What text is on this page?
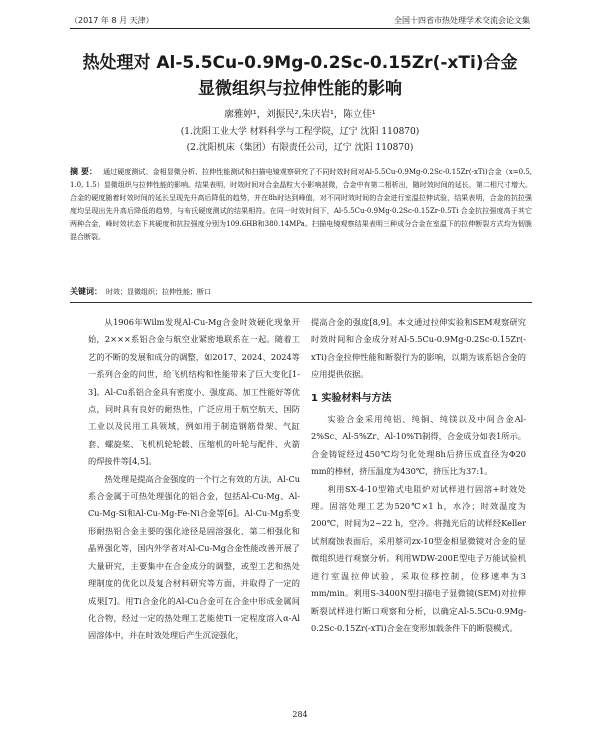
（2017 年 8 月 天津）	全国十四省市热处理学术交流会论文集
热处理对 Al-5.5Cu-0.9Mg-0.2Sc-0.15Zr(-xTi)合金
显微组织与拉伸性能的影响
廓雅婷¹，刘振民²,朱庆岩¹，陈立佳¹
(1.沈阳工业大学 材料科学与工程学院，辽宁 沈阳 110870)
(2.沈阳机床（集团）有限责任公司，辽宁 沈阳 110870)
摘 要： 通过硬度测试、金相显微分析、拉伸性能测试和扫描电镜观察研究了不同时效时间对Al-5.5Cu-0.9Mg-0.2Sc-0.15Zr(-xTi)合金（x=0.5, 1.0, 1.5）显微组织与拉伸性能的影响。结果表明，时效时间对合金晶粒大小影响甚微，合金中有第二相析出，随时效时间的延长，第二相尺寸增大。合金的硬度随着时效时间的延长呈现先升高后降低的趋势，并在8h时达到峰值，对不同时效时间的合金进行室温拉伸试验，结果表明，合金的抗拉强度均呈现出先升高后降低的趋势，与布氏硬度测试的结果相符。在同一时效时间下，Al-5.5Cu-0.9Mg-0.2Sc-0.15Zr-0.5Ti 合金抗拉强度高于其它两种合金，峰时效状态下其硬度和抗拉强度分别为109.6HB和380.14MPa。扫描电镜观察结果表明三种成分合金在室温下的拉伸断裂方式均为韧脆混合断裂。
关键词： 时效；显微组织；拉伸性能；断口

从1906年Wilm发现Al-Cu-Mg合金时效硬化现象开始，2×××系铝合金与航空业紧密地联系在一起。随着工艺的不断的发展和成分的调整，如2017、2024、2024等一系列合金的问世，给飞机结构和性能带来了巨大变化[1-3]。Al-Cu系铝合金具有密度小、强度高、加工性能好等优点，同时具有良好的耐热性，广泛应用于航空航天、国防工业以及民用工具领域，例如用于制造钢筋骨架、气缸套、螺旋桨、飞机机轮轮毂、压缩机的叶轮与配件、火箭的焊接件等[4,5]。

热处理是提高合金强度的一个行之有效的方法，Al-Cu系合金属于可热处理强化的铝合金，包括Al-Cu-Mg、Al-Cu-Mg-Si和Al-Cu-Mg-Fe-Ni合金等[6]。Al-Cu-Mg系变形耐热铝合金主要的强化途径是固溶强化、第二相强化和晶界强化等，国内外学者对Al-Cu-Mg合金性能改善开展了大量研究，主要集中在合金成分的调整，或型工艺和热处理制度的优化以及复合材料研究等方面，并取得了一定的成果[7]。用Ti合金化的Al-Cu合金可在合金中形成金属间化合物，经过一定的热处理工艺能使Ti一定程度溶入α-Al固溶体中，并在时效处理后产生沉淀强化，

提高合金的强度[8,9]。本文通过拉伸实验和SEM观察研究时效时间和合金成分对Al-5.5Cu-0.9Mg-0.2Sc-0.15Zr(-xTi)合金拉伸性能和断裂行为的影响，以期为该系铝合金的应用提供依据。

1 实验材料与方法

实验合金采用纯铝、纯铜、纯镁以及中间合金Al-2%Sc、Al-5%Zr、Al-10%Ti制得，合金成分如表1所示。合金铸锭经过450℃均匀化处理8h后挤压成直径为Φ20 mm的棒材，挤压温度为430℃，挤压比为37:1。

利用SX-4-10型箱式电阻炉对试样进行固溶+时效处理。固溶处理工艺为520℃×1 h，水冷；时效温度为200℃，时间为2~22 h，空冷。将抛光后的试样经Keller试剂腐蚀表面后，采用蔡司zx-10型金相显微镜对合金的显微组织进行观察分析。利用WDW-200E型电子万能试验机进行室温拉伸试验，采取位移控制，位移速率为3 mm/min。利用S-3400N型扫描电子显微镜(SEM)对拉伸断裂试样进行断口观察和分析，以确定Al-5.5Cu-0.9Mg-0.2Sc-0.15Zr(-xTi)合金在变形加载条件下的断裂模式。

284
